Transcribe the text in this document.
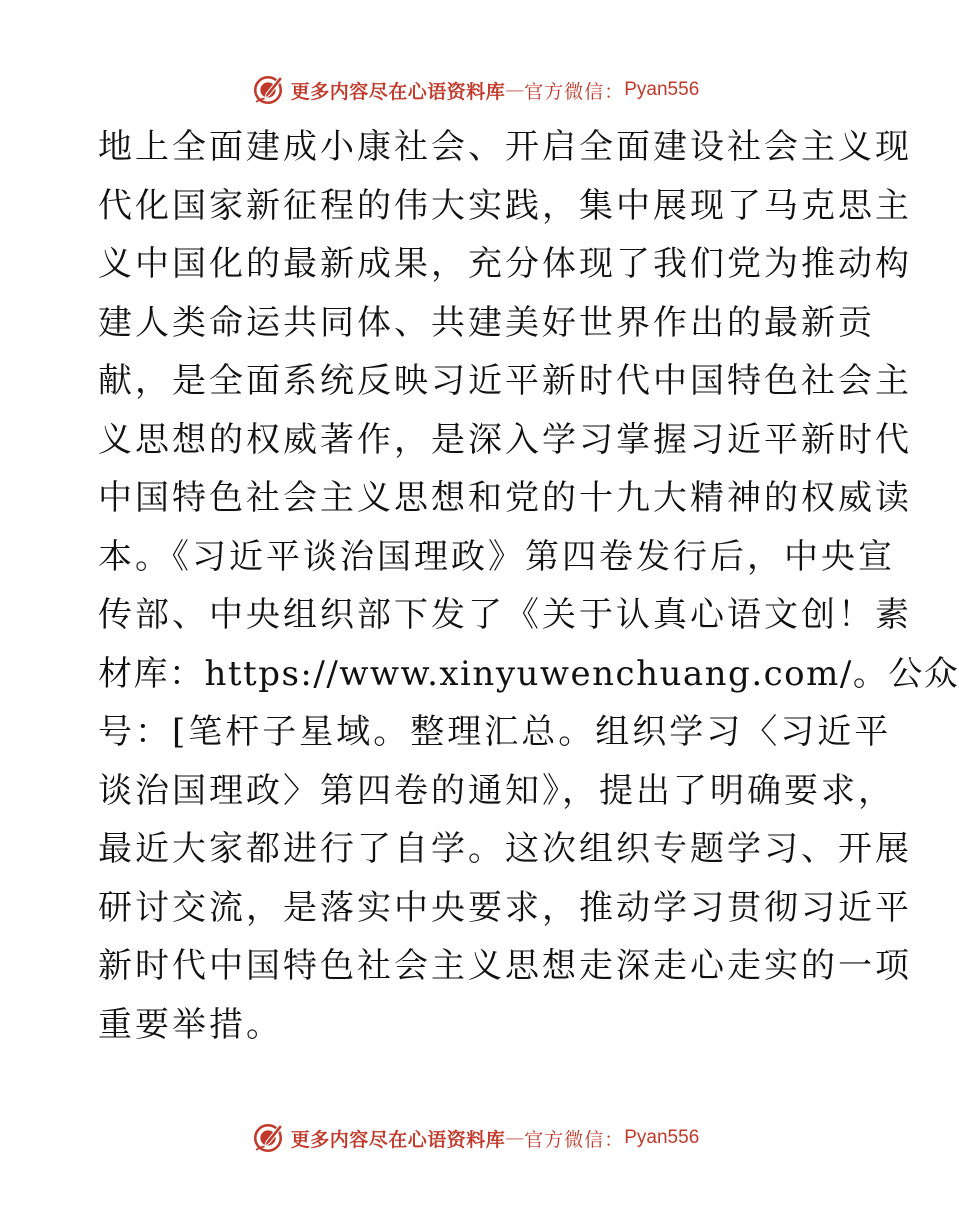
更多内容尽在心语资料库 — 官方微信： Pyan556
地上全面建成小康社会、开启全面建设社会主义现
代化国家新征程的伟大实践，集中展现了马克思主
义中国化的最新成果，充分体现了我们党为推动构
建人类命运共同体、共建美好世界作出的最新贡
献，是全面系统反映习近平新时代中国特色社会主
义思想的权威著作，是深入学习掌握习近平新时代
中国特色社会主义思想和党的十九大精神的权威读
本。《习近平谈治国理政》第四卷发行后，中央宣
传部、中央组织部下发了《关于认真心语文创！素
材库：https://www.xinyuwenchuang.com/。公众
号：[笔杆子星域。整理汇总。组织学习〈习近平
谈治国理政〉第四卷的通知》，提出了明确要求，
最近大家都进行了自学。这次组织专题学习、开展
研讨交流，是落实中央要求，推动学习贯彻习近平
新时代中国特色社会主义思想走深走心走实的一项
重要举措。
更多内容尽在心语资料库 — 官方微信： Pyan556
